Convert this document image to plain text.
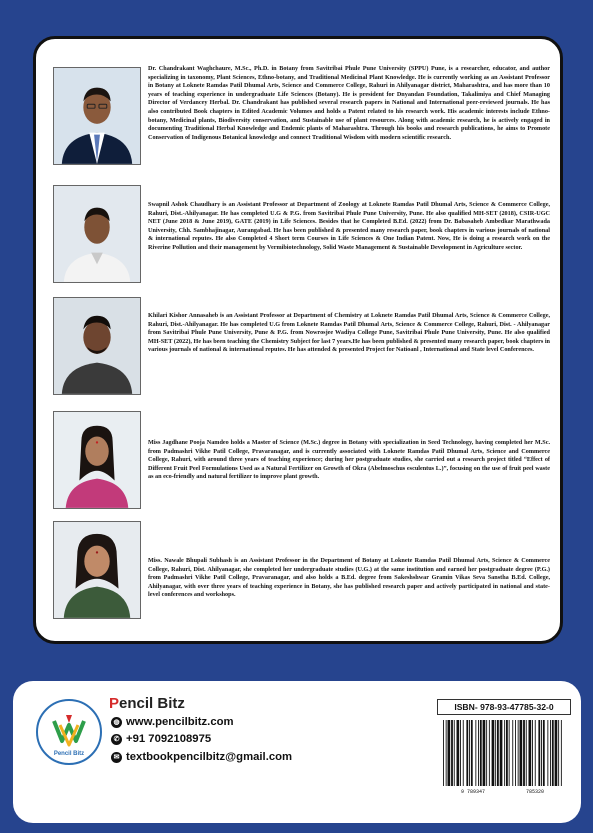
Dr. Chandrakant Waghchaure, M.Sc., Ph.D. in Botany from Savitribai Phule Pune University (SPPU) Pune, is a researcher, educator, and author specializing in taxonomy, Plant Sciences, Ethno-botany, and Traditional Medicinal Plant Knowledge. He is currently working as an Assistant Professor in Botany at Loknete Ramdas Patil Dhumal Arts, Science and Commerce College, Rahuri in Ahilyanagar district, Maharashtra, and has more than 10 years of teaching experience in undergraduate Life Sciences (Botany). He is president for Dnyandan Foundation, Takalimiya and Chief Managing Director of Verdancey Herbal. Dr. Chandrakant has published several research papers in National and International peer-reviewed journals. He has also contributed Book chapters in Edited Academic Volumes and holds a Patent related to his research work. His academic interests include Ethno-botany, Medicinal plants, Biodiversity conservation, and Sustainable use of plant resources. Along with academic research, he is actively engaged in documenting Traditional Herbal Knowledge and Endemic plants of Maharashtra. Through his books and research publications, he aims to Promote Conservation of Indigenous Botanical knowledge and connect Traditional Wisdom with modern scientific research.

Swapnil Ashok Chaudhary is an Assistant Professor at Department of Zoology at Loknete Ramdas Patil Dhumal Arts, Science & Commerce College, Rahuri, Dist.-Ahilyanagar. He has completed U.G & P.G. from Savitribai Phule Pune University, Pune. He also qualified MH-SET (2018), CSIR-UGC NET (June 2018 & June 2019), GATE (2019) in Life Sciences. Besides that he Completed B.Ed. (2022) from Dr. Babasaheb Ambedkar Marathwada University, Chh. Sambhajinagar, Aurangabad. He has been published & presented many research paper, book chapters in various journals of national & international reputes. He also Completed 4 Short term Courses in Life Sciences & One Indian Patent. Now, He is doing a research work on the Riverine Pollution and their management by Vermibiotechnology, Solid Waste Management & Sustainable Development in Agriculture sector.

Khilari Kishor Annasaheb is an Assistant Professor at Department of Chemistry at Loknete Ramdas Patil Dhumal Arts, Science & Commerce College, Rahuri, Dist.-Ahilyanagar. He has completed U.G from Loknete Ramdas Patil Dhumal Arts, Science & Commerce College, Rahuri, Dist. - Ahilyanagar from Savitribai Phule Pune University, Pune & P.G. from Nowrosjee Wadiya College Pune, Savitribai Phule Pune University, Pune. He also qualified MH-SET (2022), He has been teaching the Chemistry Subject for last 7 years.He has been published & presented many research paper, book chapters in various journals of national & international reputes. He has attended & presented Project for Natioanl , International and State level Conferences.

Miss Jagdhane Pooja Namdeo holds a Master of Science (M.Sc.) degree in Botany with specialization in Seed Technology, having completed her M.Sc. from Padmashri Vikhe Patil College, Pravaranagar, and is currently associated with Loknete Ramdas Patil Dhumal Arts, Science and Commerce College, Rahuri, with around three years of teaching experience; during her postgraduate studies, she carried out a research project titled “Effect of Different Fruit Peel Formulations Used as a Natural Fertilizer on Growth of Okra (Abelmoschus esculentus L.)”, focusing on the use of fruit peel waste as an eco-friendly and natural fertilizer to improve plant growth.

Miss. Nawale Bhupali Subhash is an Assistant Professor in the Department of Botany at Loknete Ramdas Patil Dhumal Arts, Science & Commerce College, Rahuri, Dist. Ahilyanagar, she completed her undergraduate studies (U.G.) at the same institution and earned her postgraduate degree (P.G.) from Padmashri Vikhe Patil College, Pravaranagar, and also holds a B.Ed. degree from Sakeshshwar Gramin Vikas Seva Sanstha B.Ed. College, Ahilyanagar, with over three years of teaching experience in Botany, she has published research paper and actively participated in national and state-level conferences and workshops.

Pencil Bitz
Pencil Bitz
◍ www.pencilbitz.com
✆ +91 7092108975
✉ textbookpencilbitz@gmail.com
ISBN- 978-93-47785-32-0
9 789347	785320
